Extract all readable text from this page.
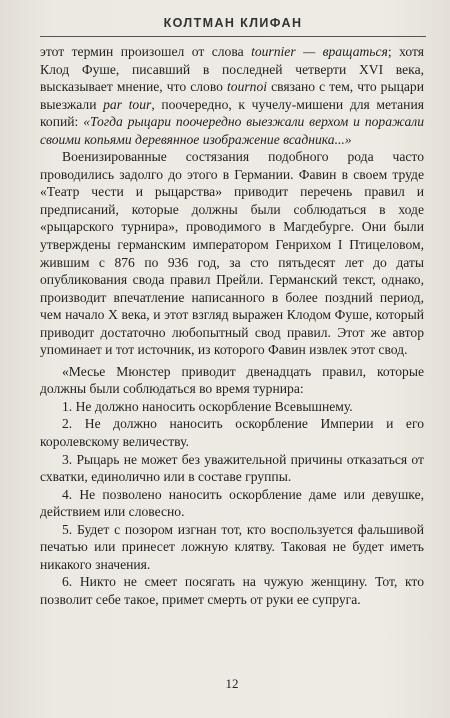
КОЛТМАН КЛИФАН

этот термин произошел от слова tournier — вращаться; хотя Клод Фуше, писавший в последней четверти XVI века, высказывает мнение, что слово tournoi связано с тем, что рыцари выезжали par tour, поочередно, к чучелу-мишени для метания копий: «Тогда рыцари поочередно выезжали верхом и поражали своими копьями деревянное изображение всадника...»

Военизированные состязания подобного рода часто проводились задолго до этого в Германии. Фавин в своем труде «Театр чести и рыцарства» приводит перечень правил и предписаний, которые должны были соблюдаться в ходе «рыцарского турнира», проводимого в Магдебурге. Они были утверждены германским императором Генрихом I Птицеловом, жившим с 876 по 936 год, за сто пятьдесят лет до даты опубликования свода правил Прейли. Германский текст, однако, производит впечатление написанного в более поздний период, чем начало X века, и этот взгляд выражен Клодом Фуше, который приводит достаточно любопытный свод правил. Этот же автор упоминает и тот источник, из которого Фавин извлек этот свод.

«Месье Мюнстер приводит двенадцать правил, которые должны были соблюдаться во время турнира:

1. Не должно наносить оскорбление Всевышнему.

2. Не должно наносить оскорбление Империи и его королевскому величеству.

3. Рыцарь не может без уважительной причины отказаться от схватки, единолично или в составе группы.

4. Не позволено наносить оскорбление даме или девушке, действием или словесно.

5. Будет с позором изгнан тот, кто воспользуется фальшивой печатью или принесет ложную клятву. Таковая не будет иметь никакого значения.

6. Никто не смеет посягать на чужую женщину. Тот, кто позволит себе такое, примет смерть от руки ее супруга.

12
